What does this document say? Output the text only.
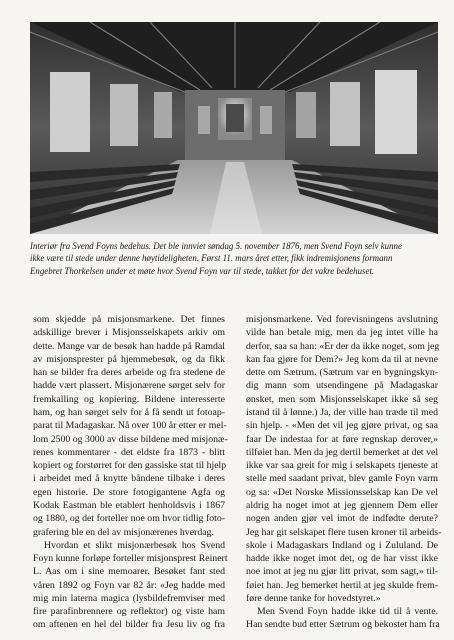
Interiør fra Svend Foyns bedehus. Det ble innviet søndag 5. november 1876, men Svend Foyn selv kunne
ikke være til stede under denne høytideligheten. Først 11. mars året etter, fikk indremisjonens formann
Engebret Thorkelsen under et møte hvor Svend Foyn var til stede, takket for det vakre bedehuset.
som skjedde på misjonsmarkene. Det finnes
adskillige brever i Misjonsselskapets arkiv om
dette. Mange var de besøk han hadde på Ramdal
av misjonsprester på hjemmebesøk, og da fikk
han se bilder fra deres arbeide og fra stedene de
hadde vært plassert. Misjonærene sørget selv for
fremkalling og kopiering. Bildene interesserte
ham, og han sørget selv for å få sendt ut fotoap-
parat til Madagaskar. Nå over 100 år etter er mel-
lom 2500 og 3000 av disse bildene med misjonæ-
renes kommentarer - det eldste fra 1873 - blitt
kopiert og forstørret for den gassiske stat til hjelp
i arbeidet med å knytte båndene tilbake i deres
egen historie. De store fotogigantene Agfa og
Kodak Eastman ble etablert henholdsvis i 1867
og 1880, og det forteller noe om hvor tidlig foto-
grafering ble en del av misjonærenes hverdag.
Hvordan et slikt misjonærbesøk hos Svend
Foyn kunne forløpe forteller misjonsprest Reinert
L. Aas om i sine memoarer. Besøket fant sted
våren 1892 og Foyn var 82 år: «Jeg hadde med
mig min laterna magica (lysbildefremviser med
fire parafinbrennere og reflektor) og viste ham
om aftenen en hel del bilder fra Jesu liv og fra
misjonsmarkene. Ved forevisningens avslutning
vilde han betale mig, men da jeg intet ville ha
derfor, saa sa han: «Er der da ikke noget, som jeg
kan faa gjøre for Dem?» Jeg kom da til at nevne
dette om Sætrum. (Sætrum var en bygningskyn-
dig mann som utsendingene på Madagaskar
ønsket, men som Misjonsselskapet ikke så seg
istand til å lønne.) Ja, der ville han træde til med
sin hjelp. - «Men det vil jeg gjøre privat, og saa
faar De indestaa for at føre regnskap derover,»
tilføiet han. Men da jeg dertil bemerket at det vel
ikke var saa greit for mig i selskapets tjeneste at
stelle med saadant privat, blev gamle Foyn varm
og sa: «Det Norske Missionsselskap kan De vel
aldrig ha noget imot at jeg gjennem Dem eller
nogen anden gjør vel imot de indfødte derute?
Jeg har git selskapet flere tusen kroner til arbeids-
skole i Madagaskars Indland og i Zululand. De
hadde ikke noget imot det, og de har visst ikke
noe imot at jeg nu gjør litt privat, som sagt,» til-
føiet han. Jeg bemerket hertil at jeg skulde frem-
føre denne tanke for hovedstyret.»
Men Svend Foyn hadde ikke tid til å vente.
Han sendte bud etter Sætrum og bekostet ham fra
